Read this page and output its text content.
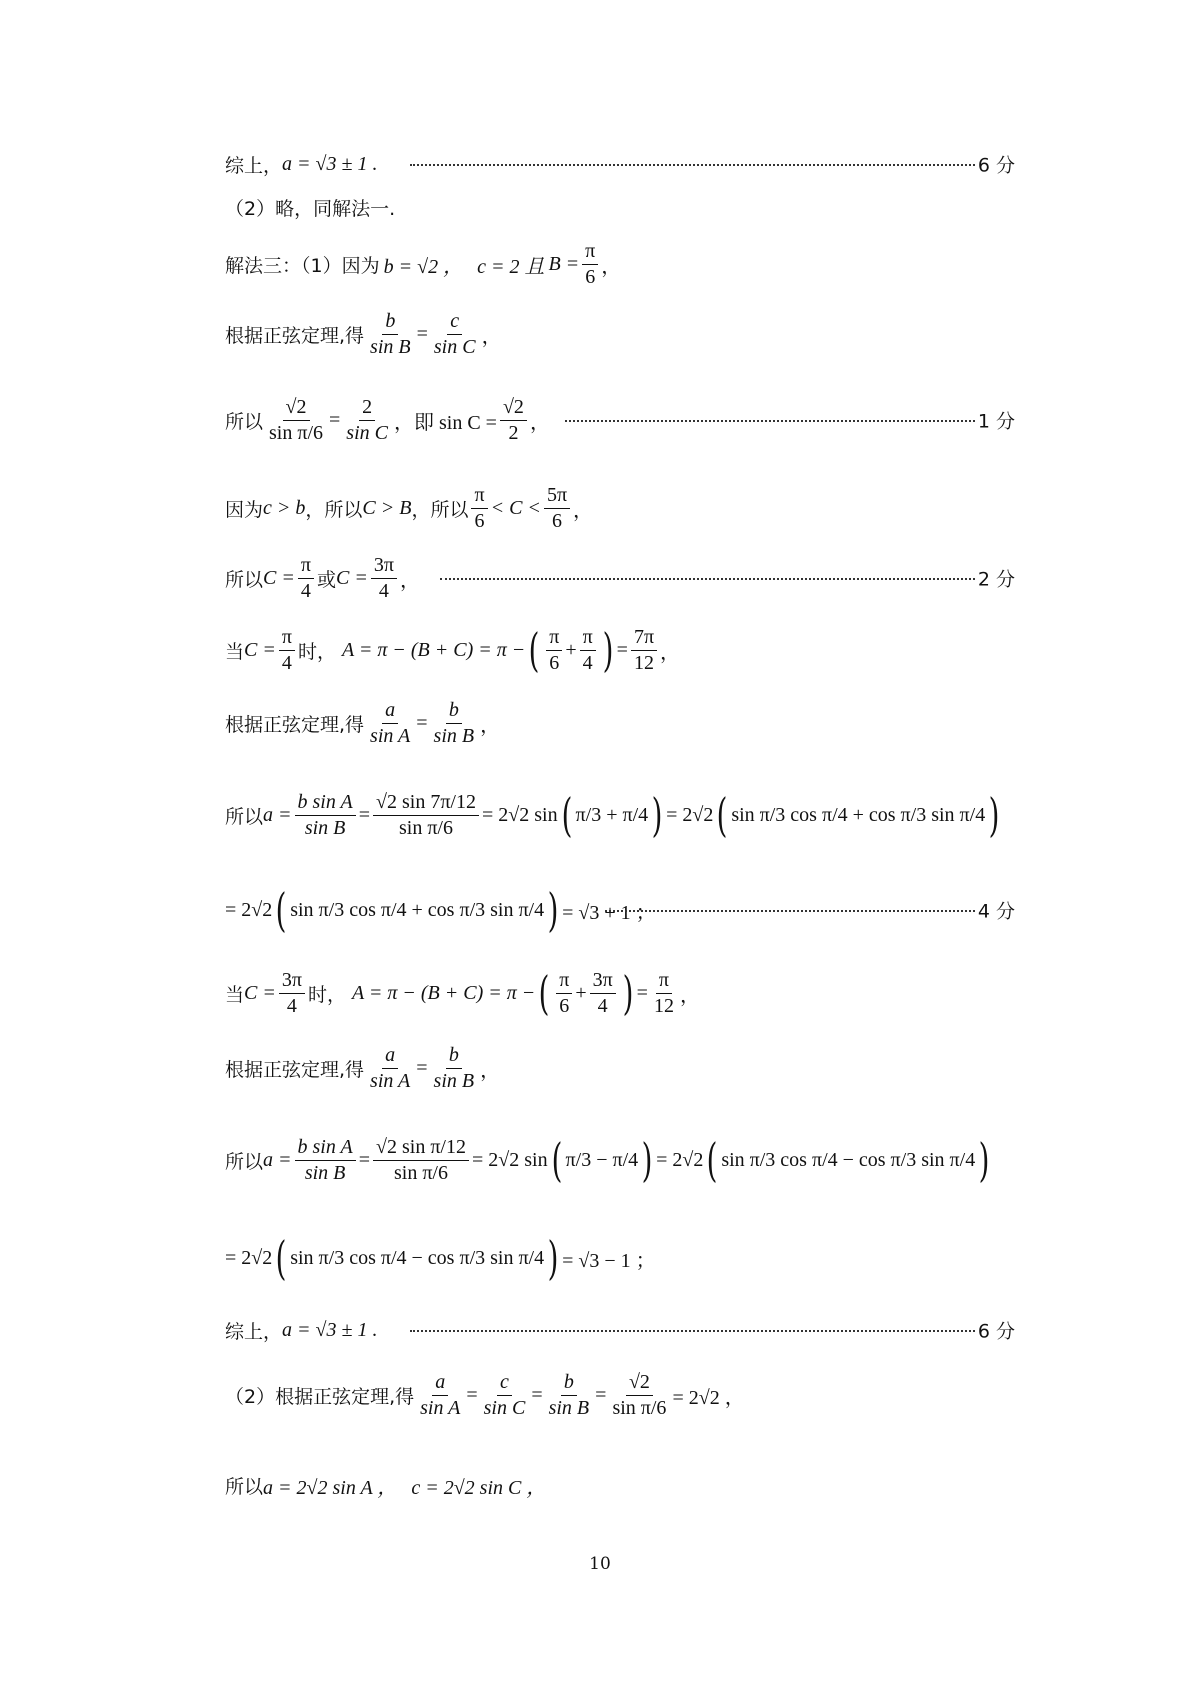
综上， a = √3 ± 1 .	6 分
（2）略，同解法一.
解法三：（1）因为 b = √2 ， c = 2 且 $B = \frac{\pi}{6}$ ，
根据正弦定理,得 $\frac{b}{\text{sin B}} = \frac{c}{\text{sin C}}$ ，
所以 $\frac{√2}{\text{sin π/6}} = \frac{2}{\text{sin C}}$ ，即 $\sin C = \frac{√2}{2}$ ，	1 分
因为 c > b ，所以 C > B ，所以 $\frac{\pi}{6} < C < \frac{5\pi}{6}$ ，
所以 $C = \frac{\pi}{4}$ 或 $C = \frac{3\pi}{4}$ ，	2 分
当 $C = \frac{\pi}{4}$ 时， A = π − (B + C) = π − ( $\frac{\pi}{6} + \frac{\pi}{4}$ ) = $\frac{7\pi}{12}$ ，
根据正弦定理,得 $\frac{a}{\text{sin A}} = \frac{b}{\text{sin B}}$ ，
所以 $a = \frac{\text{b sin A}}{\text{sin B}} = \frac{√2 \sin 7\pi/12}{\text{sin π/6}} = 2√2$ sin ( π/3 + π/4 ) = 2√2 ( sin π/3 cos π/4 + cos π/3 sin π/4 )
= 2√2 ( sin π/3 cos π/4 + cos π/3 sin π/4 ) = √3 + 1 ；	4 分
当 $C = \frac{3\pi}{4}$ 时， A = π − (B + C) = π − ( $\frac{\pi}{6} + \frac{3\pi}{4}$ ) = $\frac{\pi}{12}$ ，
根据正弦定理,得 $\frac{a}{\text{sin A}} = \frac{b}{\text{sin B}}$ ，
所以 $a = \frac{\text{b sin A}}{\text{sin B}} = \frac{\text{√2 sin π/12}}{\text{sin π/6}} = 2√2$ sin ( π/3 − π/4 ) = 2√2 ( sin π/3 cos π/4 − cos π/3 sin π/4 )
= 2√2 ( sin π/3 cos π/4 − cos π/3 sin π/4 ) = √3 − 1 ；
综上， a = √3 ± 1 .	6 分
（2）根据正弦定理,得 $\frac{a}{\text{sin A}} = \frac{c}{\text{sin C}} = \frac{b}{\text{sin B}} = \frac{√2}{\text{sin π/6}} = 2√2$ ，
所以 a = 2√2 sin A ， c = 2√2 sin C ，
10
